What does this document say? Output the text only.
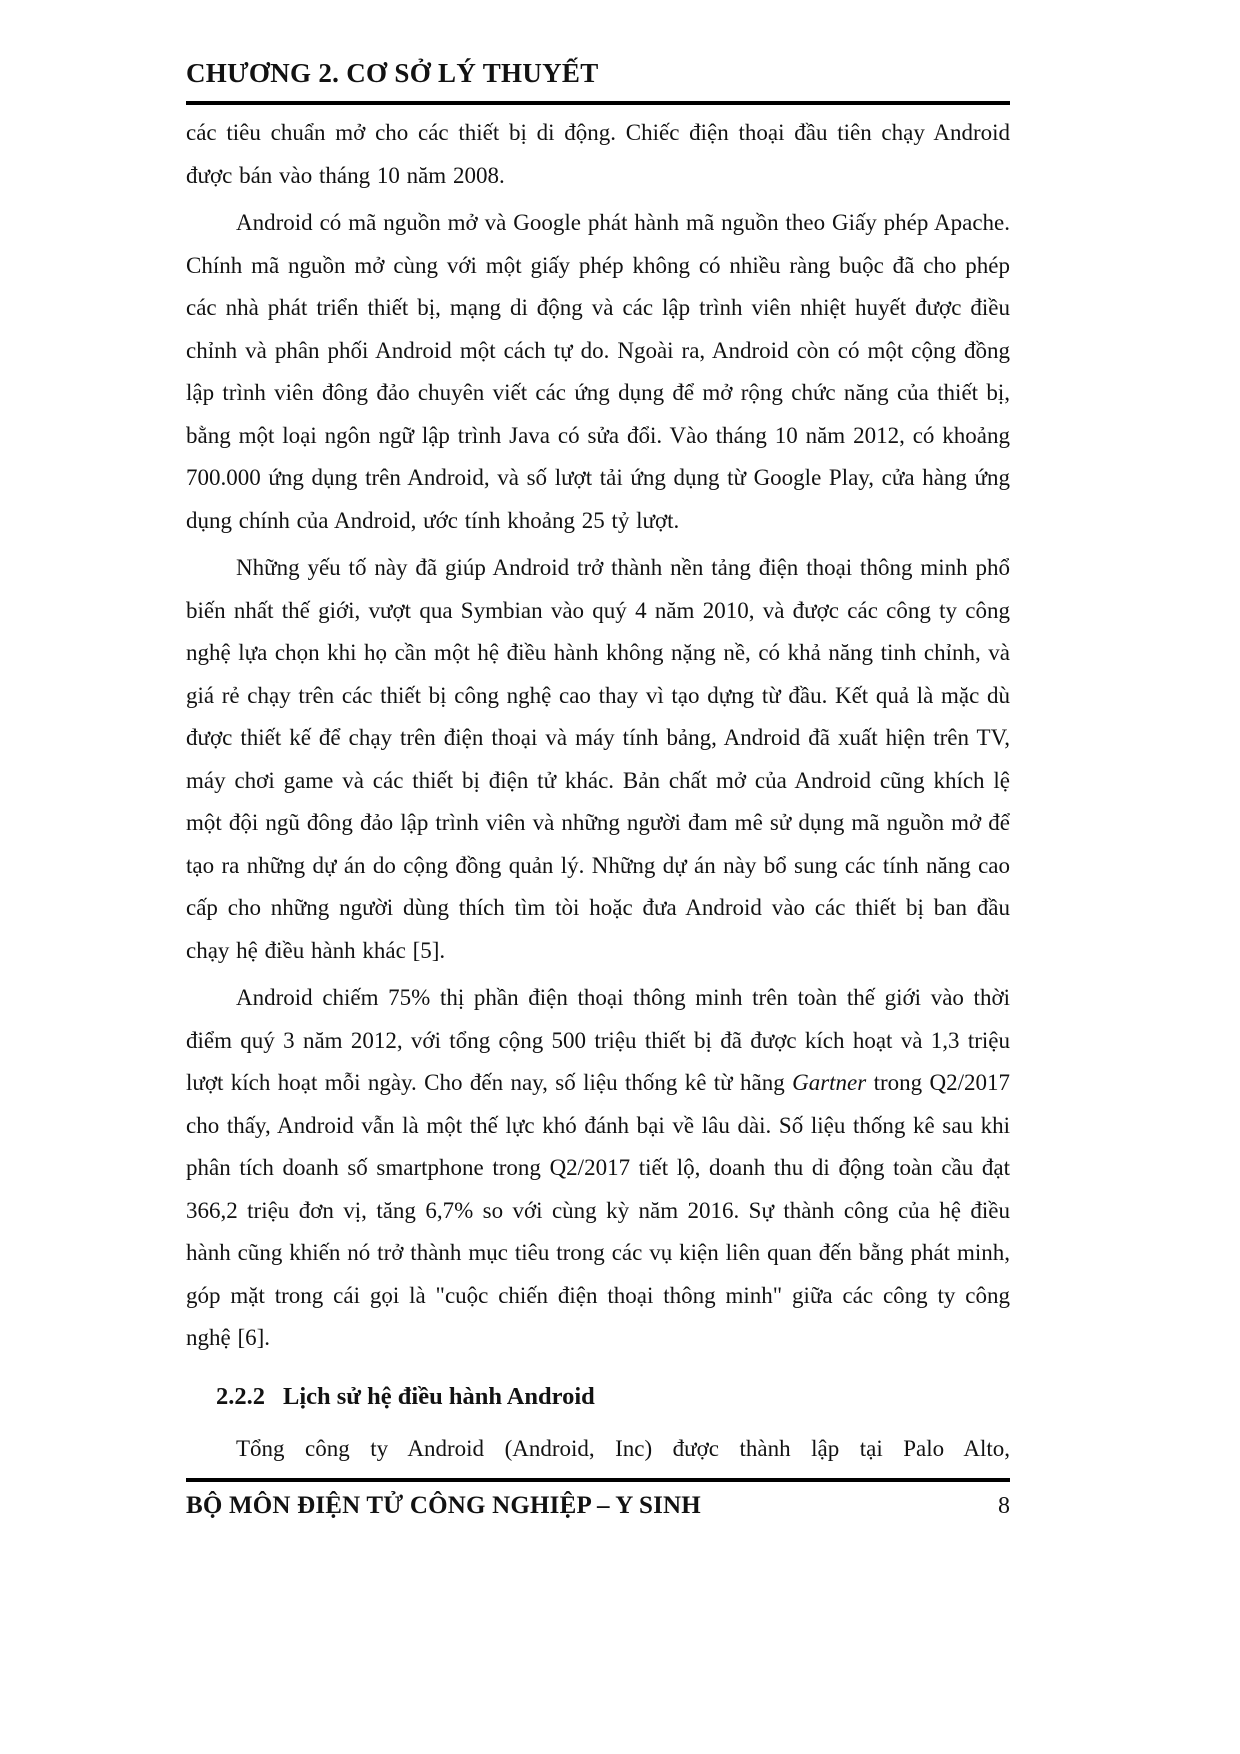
CHƯƠNG 2. CƠ SỞ LÝ THUYẾT

các tiêu chuẩn mở cho các thiết bị di động. Chiếc điện thoại đầu tiên chạy Android được bán vào tháng 10 năm 2008.

Android có mã nguồn mở và Google phát hành mã nguồn theo Giấy phép Apache. Chính mã nguồn mở cùng với một giấy phép không có nhiều ràng buộc đã cho phép các nhà phát triển thiết bị, mạng di động và các lập trình viên nhiệt huyết được điều chỉnh và phân phối Android một cách tự do. Ngoài ra, Android còn có một cộng đồng lập trình viên đông đảo chuyên viết các ứng dụng để mở rộng chức năng của thiết bị, bằng một loại ngôn ngữ lập trình Java có sửa đổi. Vào tháng 10 năm 2012, có khoảng 700.000 ứng dụng trên Android, và số lượt tải ứng dụng từ Google Play, cửa hàng ứng dụng chính của Android, ước tính khoảng 25 tỷ lượt.

Những yếu tố này đã giúp Android trở thành nền tảng điện thoại thông minh phổ biến nhất thế giới, vượt qua Symbian vào quý 4 năm 2010, và được các công ty công nghệ lựa chọn khi họ cần một hệ điều hành không nặng nề, có khả năng tinh chỉnh, và giá rẻ chạy trên các thiết bị công nghệ cao thay vì tạo dựng từ đầu. Kết quả là mặc dù được thiết kế để chạy trên điện thoại và máy tính bảng, Android đã xuất hiện trên TV, máy chơi game và các thiết bị điện tử khác. Bản chất mở của Android cũng khích lệ một đội ngũ đông đảo lập trình viên và những người đam mê sử dụng mã nguồn mở để tạo ra những dự án do cộng đồng quản lý. Những dự án này bổ sung các tính năng cao cấp cho những người dùng thích tìm tòi hoặc đưa Android vào các thiết bị ban đầu chạy hệ điều hành khác [5].

Android chiếm 75% thị phần điện thoại thông minh trên toàn thế giới vào thời điểm quý 3 năm 2012, với tổng cộng 500 triệu thiết bị đã được kích hoạt và 1,3 triệu lượt kích hoạt mỗi ngày. Cho đến nay, số liệu thống kê từ hãng Gartner trong Q2/2017 cho thấy, Android vẫn là một thế lực khó đánh bại về lâu dài. Số liệu thống kê sau khi phân tích doanh số smartphone trong Q2/2017 tiết lộ, doanh thu di động toàn cầu đạt 366,2 triệu đơn vị, tăng 6,7% so với cùng kỳ năm 2016. Sự thành công của hệ điều hành cũng khiến nó trở thành mục tiêu trong các vụ kiện liên quan đến bằng phát minh, góp mặt trong cái gọi là "cuộc chiến điện thoại thông minh" giữa các công ty công nghệ [6].

2.2.2 Lịch sử hệ điều hành Android

Tổng công ty Android (Android, Inc) được thành lập tại Palo Alto,

BỘ MÔN ĐIỆN TỬ CÔNG NGHIỆP – Y SINH	8
